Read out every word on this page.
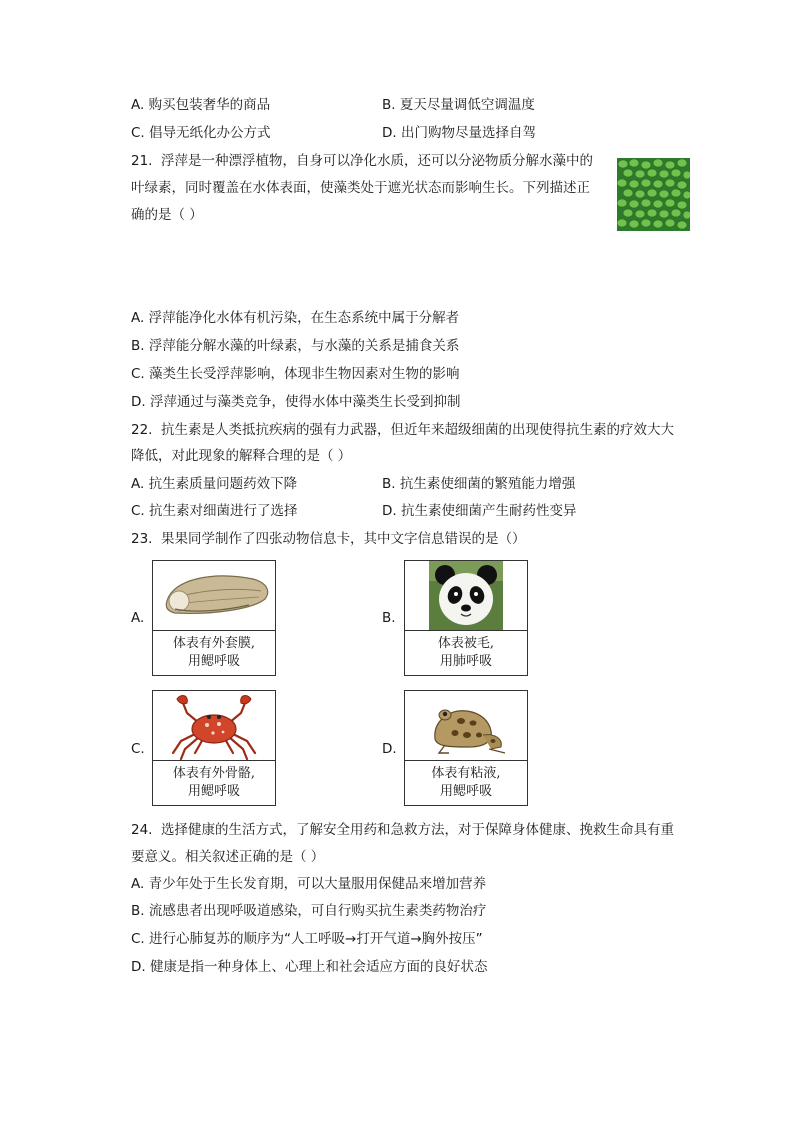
A. 购买包装奢华的商品	B. 夏天尽量调低空调温度
C. 倡导无纸化办公方式	D. 出门购物尽量选择自驾
21. 浮萍是一种漂浮植物，自身可以净化水质，还可以分泌物质分解水藻中的
叶绿素，同时覆盖在水体表面，使藻类处于遮光状态而影响生长。下列描述正
确的是（ ）
A. 浮萍能净化水体有机污染，在生态系统中属于分解者
B. 浮萍能分解水藻的叶绿素，与水藻的关系是捕食关系
C. 藻类生长受浮萍影响，体现非生物因素对生物的影响
D. 浮萍通过与藻类竞争，使得水体中藻类生长受到抑制
22. 抗生素是人类抵抗疾病的强有力武器，但近年来超级细菌的出现使得抗生素的疗效大大
降低，对此现象的解释合理的是（ ）
A. 抗生素质量问题药效下降	B. 抗生素使细菌的繁殖能力增强
C. 抗生素对细菌进行了选择	D. 抗生素使细菌产生耐药性变异
23. 果果同学制作了四张动物信息卡，其中文字信息错误的是（）
A.
体表有外套膜,
用鳃呼吸
B.
体表被毛,
用肺呼吸
C.
体表有外骨骼,
用鳃呼吸
D.
体表有粘液,
用鳃呼吸
24. 选择健康的生活方式，了解安全用药和急救方法，对于保障身体健康、挽救生命具有重
要意义。相关叙述正确的是（ ）
A. 青少年处于生长发育期，可以大量服用保健品来增加营养
B. 流感患者出现呼吸道感染，可自行购买抗生素类药物治疗
C. 进行心肺复苏的顺序为“人工呼吸→打开气道→胸外按压”
D. 健康是指一种身体上、心理上和社会适应方面的良好状态
